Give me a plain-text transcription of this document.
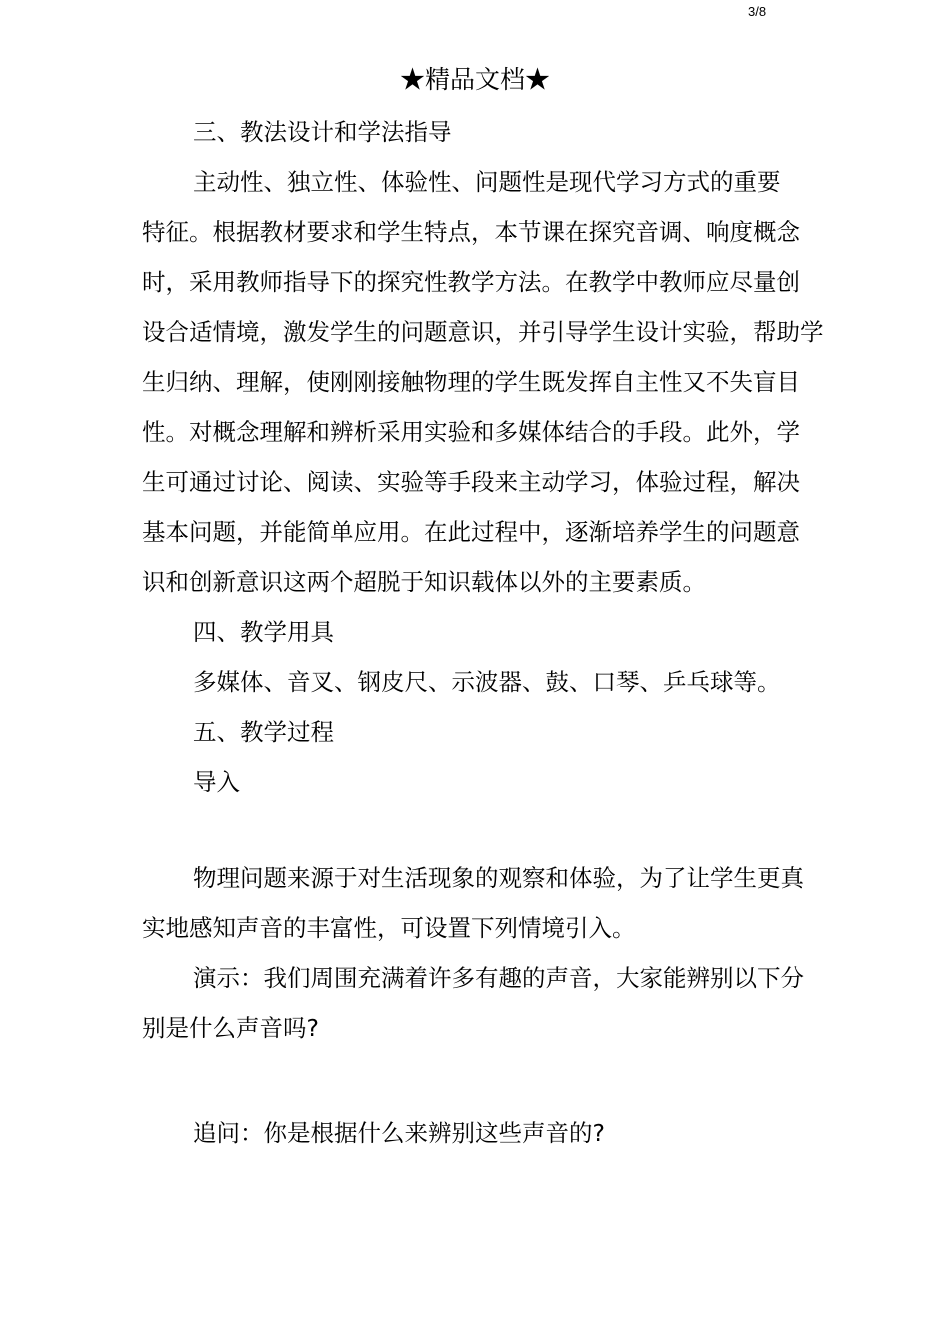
3/8
★精品文档★
三、教法设计和学法指导
主动性、独立性、体验性、问题性是现代学习方式的重要
特征。根据教材要求和学生特点，本节课在探究音调、响度概念
时，采用教师指导下的探究性教学方法。在教学中教师应尽量创
设合适情境，激发学生的问题意识，并引导学生设计实验，帮助学
生归纳、理解，使刚刚接触物理的学生既发挥自主性又不失盲目
性。对概念理解和辨析采用实验和多媒体结合的手段。此外，学
生可通过讨论、阅读、实验等手段来主动学习，体验过程，解决
基本问题，并能简单应用。在此过程中，逐渐培养学生的问题意
识和创新意识这两个超脱于知识载体以外的主要素质。
四、教学用具
多媒体、音叉、钢皮尺、示波器、鼓、口琴、乒乓球等。
五、教学过程
导入
物理问题来源于对生活现象的观察和体验，为了让学生更真
实地感知声音的丰富性，可设置下列情境引入。
演示：我们周围充满着许多有趣的声音，大家能辨别以下分
别是什么声音吗?
追问：你是根据什么来辨别这些声音的?
